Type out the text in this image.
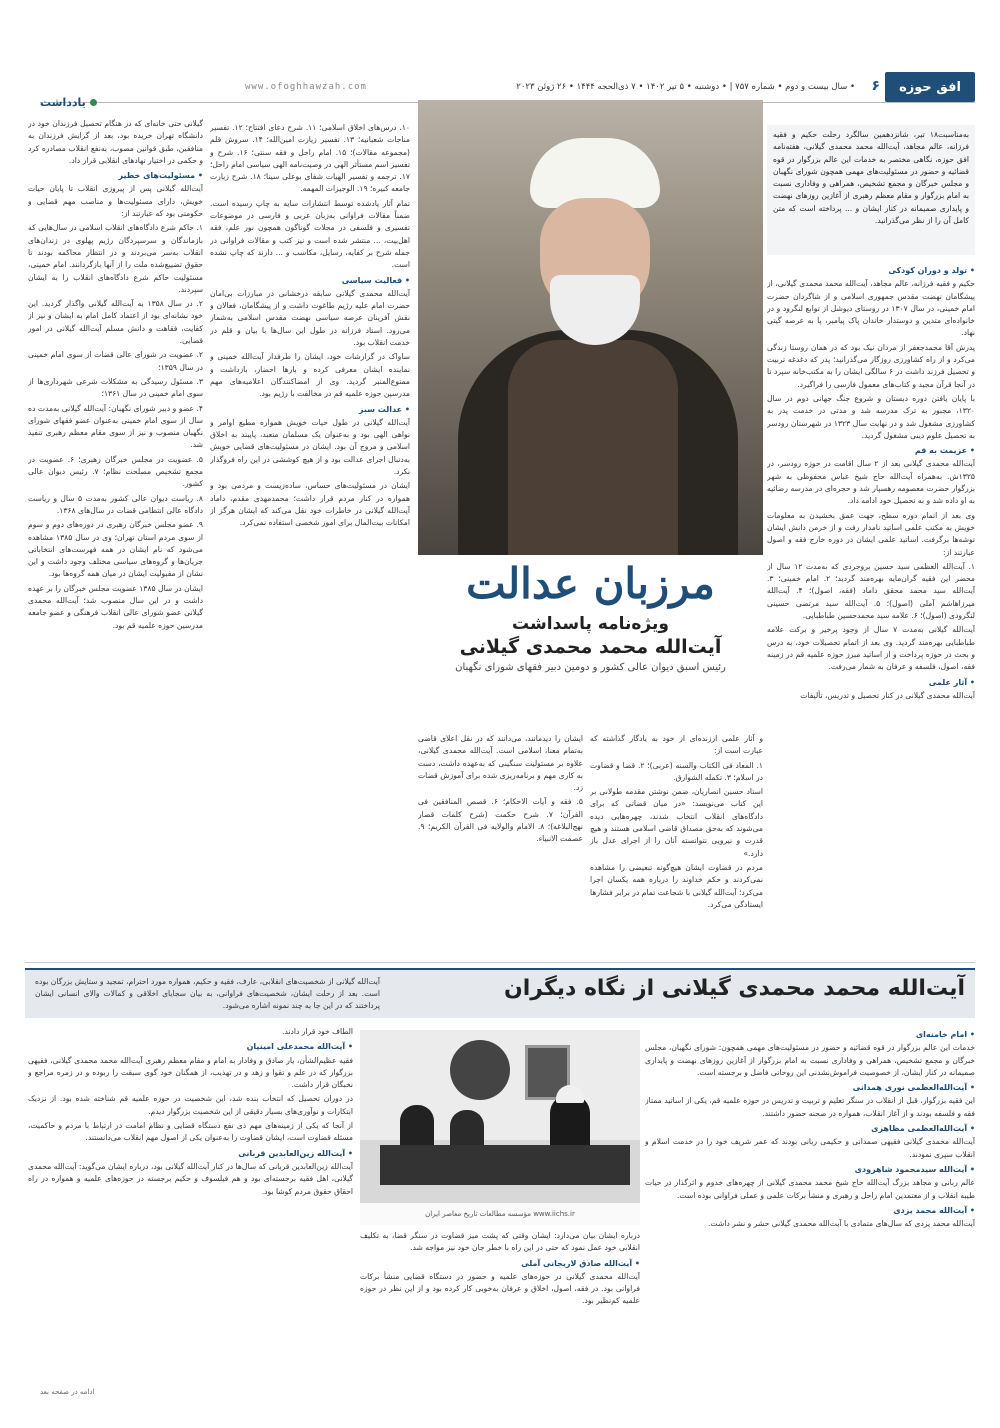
افق حوزه
۶
• سال بیست و دوم • شماره ۷۵۷ | • دوشنبه • ۵ تیر ۱۴۰۲ • ۷ ذی‌الحجه ۱۴۴۴ • ۲۶ ژوئن ۲۰۲۳
www.ofoghhawzah.com
یادداشت
به‌مناسبت۱۸ تیر، شانزدهمین سالگرد رحلت حکیم و فقیه فرزانه، عالم مجاهد، آیت‌الله محمد محمدی گیلانی، هفته‌نامه افق حوزه، نگاهی مختصر به خدمات این عالم بزرگوار در قوه قضائیه و حضور در مسئولیت‌های مهمی همچون شورای نگهبان و مجلس خبرگان و مجمع تشخیص، همراهی و وفاداری نسبت به امام بزرگوار و مقام معظم رهبری از آغازین روزهای نهضت و پایداری صمیمانه در کنار ایشان و ... پرداخته است که متن کامل آن را از نظر می‌گذرانید.
• تولد و دوران کودکی

حکیم و فقیه فرزانه، عالم مجاهد، آیت‌الله محمد محمدی گیلانی، از پیشگامان نهضت مقدس جمهوری اسلامی و از شاگردان حضرت امام خمینی، در سال ۱۳۰۷ در روستای دیوشل از توابع لنگرود و در خانواده‌ای متدین و دوستدار خاندان پاک پیامبر، پا به عرصه گیتی نهاد.

پدرش آقا محمدجعفر از مردان نیک بود که در همان روستا زندگی می‌کرد و از راه کشاورزی روزگار می‌گذرانید؛ پدر که دغدغه تربیت و تحصیل فرزند داشت در ۶ سالگی ایشان را به مکتب‌خانه سپرد تا در آنجا قرآن مجید و کتاب‌های معمول فارسی را فراگیرد.

با پایان یافتن دوره دبستان و شروع جنگ جهانی دوم در سال ۱۳۲۰، مجبور به ترک مدرسه شد و مدتی در خدمت پدر به کشاورزی مشغول شد و در نهایت سال ۱۳۲۳ در شهرستان رودسر به تحصیل علوم دینی مشغول گردید.

• عزیمت به قم

آیت‌الله محمدی گیلانی بعد از ۲ سال اقامت در حوزه رودسر، در ۱۳۲۵ش. به‌همراه آیت‌الله حاج شیخ عباس محفوظی به شهر بزرگوار حضرت معصومه رهسپار شد و حجره‌ای در مدرسه رضائیه به او داده شد و به تحصیل خود ادامه داد.

وی بعد از اتمام دوره سطح، جهت عمق بخشیدن به معلومات خویش به مکتب علمی اساتید نامدار رفت و از خرمن دانش ایشان توشه‌ها برگرفت. اساتید علمی ایشان در دوره خارج فقه و اصول عبارتند از:

۱. آیت‌الله العظمی سید حسین بروجردی که به‌مدت ۱۲ سال از محضر این فقیه گران‌مایه بهره‌مند گردید؛ ۲. امام خمینی؛ ۳. آیت‌الله سید محمد محقق داماد (فقه، اصول)؛ ۴. آیت‌الله میرزاهاشم آملی (اصول)؛ ۵. آیت‌الله سید مرتضی حسینی لنگرودی (اصول)؛ ۶. علامه سید محمدحسین طباطبایی.

آیت‌الله گیلانی به‌مدت ۷ سال از وجود پرخیر و برکت علامه طباطبایی بهره‌مند گردید. وی بعد از اتمام تحصیلات خود، به درس و بحث در حوزه پرداخت و از اساتید مبرز حوزه علمیه قم در زمینه فقه، اصول، فلسفه و عرفان به شمار می‌رفت.

• آثار علمی

آیت‌الله محمدی گیلانی در کنار تحصیل و تدریس، تألیفات

مرزبان عدالت
ویژه‌نامه پاسداشت
آیت‌الله محمد محمدی گیلانی
رئیس اسبق دیوان عالی کشور و دومین دبیر فقهای شورای نگهبان

و آثار علمی ارزنده‌ای از خود به یادگار گذاشته که عبارت است از:

۱. المعاد فی الکتاب والسنه (عربی)؛ ۲. قضا و قضاوت در اسلام؛ ۳. تکمله الشوارق.

استاد حسین انصاریان، ضمن نوشتن مقدمه طولانی بر این کتاب می‌نویسد: «در میان قضاتی که برای دادگاه‌های انقلاب انتخاب شدند، چهره‌هایی دیده می‌شوند که به‌حق مصداق قاضی اسلامی هستند و هیچ قدرت و نیرویی نتوانسته آنان را از اجرای عدل باز دارد.»

مردم در قضاوت ایشان هیچ‌گونه تبعیضی را مشاهده نمی‌کردند و حکم خداوند را درباره همه یکسان اجرا می‌کرد؛ آیت‌الله گیلانی با شجاعت تمام در برابر فشارها ایستادگی می‌کرد.

ایشان را دیدمانند، می‌دانند که در نقل اعلای قاضی به‌تمام معنا، اسلامی است. آیت‌الله محمدی گیلانی، علاوه بر مسئولیت سنگینی که به‌عهده داشت، دست به کاری مهم و برنامه‌ریزی شده برای آموزش قضات زد.

۵. فقه و آیات الاحکام؛ ۶. قصص المنافقین فی القرآن؛ ۷. شرح حکمت (شرح کلمات قصار نهج‌البلاغه)؛ ۸. الامام والولایه فی القرآن الکریم؛ ۹. عصمت الانبیاء.

۱۰. درس‌های اخلاق اسلامی؛ ۱۱. شرح دعای افتتاح؛ ۱۲. تفسیر مناجات شعبانیه؛ ۱۳. تفسیر زیارت امین‌الله؛ ۱۴. سروش قلم (مجموعه مقالات)؛ ۱۵. امام راحل و فقه سنتی؛ ۱۶. شرح و تفسیر اسم مستأثر الهی در وصیت‌نامه الهی سیاسی امام راحل؛ ۱۷. ترجمه و تفسیر الهیات شفای بوعلی سینا؛ ۱۸. شرح زیارت جامعه کبیره؛ ۱۹. الوجیزات المهمه.

تمام آثار یادشده توسط انتشارات سایه به چاپ رسیده است. ضمناً مقالات فراوانی به‌زبان عربی و فارسی در موضوعات تفسیری و فلسفی در مجلات گوناگون همچون نور علم، فقه اهل‌بیت، ... منتشر شده است و نیز کتب و مقالات فراوانی در جمله شرح بر کفایه، رسایل، مکاسب و ... دارند که چاپ نشده است.

• فعالیت سیاسی

آیت‌الله محمدی گیلانی سابقه درخشانی در مبارزات بی‌امان حضرت امام علیه رژیم طاغوت داشت و از پیشگامان، فعالان و نقش آفرینان عرصه سیاسی نهضت مقدس اسلامی به‌شمار می‌رود. استاد فرزانه در طول این سال‌ها با بیان و قلم در خدمت انقلاب بود.

ساواک در گزارشات خود، ایشان را طرفدار آیت‌الله خمینی و نماینده ایشان معرفی کرده و بارها احضار، بازداشت و ممنوع‌المنبر گردید. وی از امضاکنندگان اعلامیه‌های مهم مدرسین حوزه علمیه قم در مخالفت با رژیم بود.

• عدالت سبز

آیت‌الله گیلانی در طول حیات خویش همواره مطیع اوامر و نواهی الهی بود و به‌عنوان یک مسلمان متعبد، پایبند به اخلاق اسلامی و مروج آن بود. ایشان در مسئولیت‌های قضایی خویش به‌دنبال اجرای عدالت بود و از هیچ کوششی در این راه فروگذار نکرد.

ایشان در مسئولیت‌های حساس، ساده‌زیست و مردمی بود و همواره در کنار مردم قرار داشت؛ محمدمهدی مقدم، داماد آیت‌الله گیلانی در خاطرات خود نقل می‌کند که ایشان هرگز از امکانات بیت‌المال برای امور شخصی استفاده نمی‌کرد.

گیلانی حتی خانه‌ای که در هنگام تحصیل فرزندان خود در دانشگاه تهران خریده بود، بعد از گرایش فرزندان به منافقین، طبق قوانین مصوب، به‌نفع انقلاب مصادره کرد و حکمی در اختیار نهادهای انقلابی قرار داد.

• مسئولیت‌های خطیر

آیت‌الله گیلانی پس از پیروزی انقلاب تا پایان حیات خویش، دارای مسئولیت‌ها و مناصب مهم قضایی و حکومتی بود که عبارتند از:

۱. حاکم شرع دادگاه‌های انقلاب اسلامی در سال‌هایی که بازماندگان و سرسپردگان رژیم پهلوی در زندان‌های انقلاب به‌سر می‌بردند و در انتظار محاکمه بودند تا حقوق تضییع‌شده ملت را از آنها بازگردانند. امام خمینی، مسئولیت حاکم شرع دادگاه‌های انقلاب را به ایشان سپردند.

۲. در سال ۱۳۵۸ به آیت‌الله گیلانی واگذار گردید. این خود نشانه‌ای بود از اعتماد کامل امام به ایشان و نیز از کفایت، فقاهت و دانش مسلم آیت‌الله گیلانی در امور قضایی.

۲. عضویت در شورای عالی قضات از سوی امام خمینی در سال ۱۳۵۹؛

۳. مسئول رسیدگی به مشکلات شرعی شهرداری‌ها از سوی امام خمینی در سال ۱۳۶۱؛

۴. عضو و دبیر شورای نگهبان: آیت‌الله گیلانی به‌مدت ده سال از سوی امام خمینی به‌عنوان عضو فقهای شورای نگهبان منصوب و نیز از سوی مقام معظم رهبری تنفیذ شد.

۵. عضویت در مجلس خبرگان رهبری؛ ۶. عضویت در مجمع تشخیص مصلحت نظام؛ ۷. رئیس دیوان عالی کشور.

۸. ریاست دیوان عالی کشور به‌مدت ۵ سال و ریاست دادگاه عالی انتظامی قضات در سال‌های ۱۳۶۸.

۹. عضو مجلس خبرگان رهبری در دوره‌های دوم و سوم از سوی مردم استان تهران؛ وی در سال ۱۳۸۵ مشاهده می‌شود که نام ایشان در همه فهرست‌های انتخاباتی جریان‌ها و گروه‌های سیاسی مختلف وجود داشت و این نشان از مقبولیت ایشان در میان همه گروه‌ها بود.

ایشان در سال ۱۳۸۵ عضویت مجلس خبرگان را بر عهده داشت و در این سال منصوب شد؛ آیت‌الله محمدی گیلانی عضو شورای عالی انقلاب فرهنگی و عضو جامعه مدرسین حوزه علمیه قم بود.

آیت‌الله محمد محمدی گیلانی از نگاه دیگران
آیت‌الله گیلانی از شخصیت‌های انقلابی، عارف، فقیه و حکیم، همواره مورد احترام، تمجید و ستایش بزرگان بوده است. بعد از رحلت ایشان، شخصیت‌های فراوانی، به بیان سجایای اخلاقی و کمالات والای انسانی ایشان پرداختند که در این جا به چند نمونه اشاره می‌شود.
• امام خامنه‌ای

خدمات این عالم بزرگوار در قوه قضائیه و حضور در مسئولیت‌های مهمی همچون: شورای نگهبان، مجلس خبرگان و مجمع تشخیص، همراهی و وفاداری نسبت به امام بزرگوار از آغازین روزهای نهضت و پایداری صمیمانه در کنار ایشان، از خصوصیت فراموش‌نشدنی این روحانی فاضل و برجسته است.

• آیت‌الله‌العظمی نوری همدانی

این فقیه بزرگوار، قبل از انقلاب در سنگر تعلیم و تربیت و تدریس در حوزه علمیه قم، یکی از اساتید ممتاز فقه و فلسفه بودند و از آغاز انقلاب، همواره در صحنه حضور داشتند.

• آیت‌الله‌العظمی مظاهری

آیت‌الله محمدی گیلانی فقیهی صمدانی و حکیمی ربانی بودند که عمر شریف خود را در خدمت اسلام و انقلاب سپری نمودند.

• آیت‌الله سیدمحمود شاهرودی

عالم ربانی و مجاهد بزرگ آیت‌الله حاج شیخ محمد محمدی گیلانی از چهره‌های خدوم و اثرگذار در حیات طیبه انقلاب و از معتمدین امام راحل و رهبری و منشأ برکات علمی و عملی فراوانی بوده است.

• آیت‌الله محمد یزدی

آیت‌الله محمد یزدی که سال‌های متمادی با آیت‌الله محمدی گیلانی حشر و نشر داشت.

www.iichs.ir مؤسسه مطالعات تاریخ معاصر ایران

درباره ایشان بیان می‌دارد: ایشان وقتی که پشت میز قضاوت در سنگر قضا، به تکلیف انقلابی خود عمل نمود که حتی در این راه با خطر جان خود نیز مواجه شد.

• آیت‌الله صادق لاریجانی آملی

آیت‌الله محمدی گیلانی در حوزه‌های علمیه و حضور در دستگاه قضایی منشأ برکات فراوانی بود. در فقه، اصول، اخلاق و عرفان به‌خوبی کار کرده بود و از این نظر در حوزه علمیه کم‌نظیر بود.

الطاف خود قرار دادند.

• آیت‌الله محمدعلی امینیان

فقیه عظیم‌الشأن، یار صادق و وفادار به امام و مقام معظم رهبری آیت‌الله محمد محمدی گیلانی، فقیهی بزرگوار که در علم و تقوا و زهد و در تهذیب، از همگنان خود گوی سبقت را ربوده و در زمره مراجع و نخبگان قرار داشت.

در دوران تحصیل که انتخاب بنده شد، این شخصیت در حوزه علمیه قم شناخته شده بود. از نزدیک ابتکارات و نوآوری‌های بسیار دقیقی از این شخصیت بزرگوار دیدم.

از آنجا که یکی از زمینه‌های مهم ذی نفع دستگاه قضایی و نظام امامت در ارتباط با مردم و حاکمیت، مسئله قضاوت است، ایشان قضاوت را به‌عنوان یکی از اصول مهم انقلاب می‌دانستند.

• آیت‌الله زین‌العابدین قربانی

آیت‌الله زین‌العابدین قربانی که سال‌ها در کنار آیت‌الله گیلانی بود، درباره ایشان می‌گوید: آیت‌الله محمدی گیلانی، اهل فقیه برجسته‌ای بود و هم فیلسوف و حکیم برجسته در حوزه‌های علمیه و همواره در راه احقاق حقوق مردم کوشا بود.

ادامه در صفحه بعد
